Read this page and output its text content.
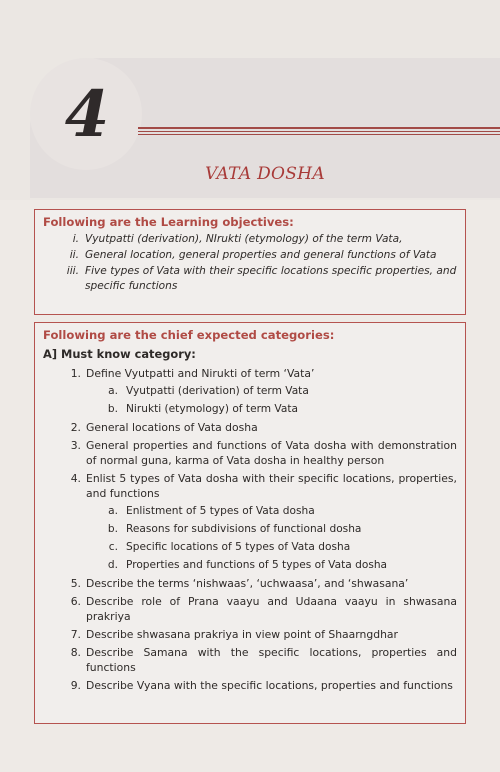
4
VATA DOSHA
Following are the Learning objectives:
i. Vyutpatti (derivation), NIrukti (etymology) of the term Vata,
ii. General location, general properties and general functions of Vata
iii. Five types of Vata with their specific locations specific properties, and specific functions
Following are the chief expected categories:
A] Must know category:
1. Define Vyutpatti and Nirukti of term ‘Vata’
a. Vyutpatti (derivation) of term Vata
b. Nirukti (etymology) of term Vata
2. General locations of Vata dosha
3. General properties and functions of Vata dosha with demonstration of normal guna, karma of Vata dosha in healthy person
4. Enlist 5 types of Vata dosha with their specific locations, properties, and functions
a. Enlistment of 5 types of Vata dosha
b. Reasons for subdivisions of functional dosha
c. Specific locations of 5 types of Vata dosha
d. Properties and functions of 5 types of Vata dosha
5. Describe the terms ‘nishwaas’, ‘uchwaasa’, and ‘shwasana’
6. Describe role of Prana vaayu and Udaana vaayu in shwasana prakriya
7. Describe shwasana prakriya in view point of Shaarngdhar
8. Describe Samana with the specific locations, properties and functions
9. Describe Vyana with the specific locations, properties and functions
